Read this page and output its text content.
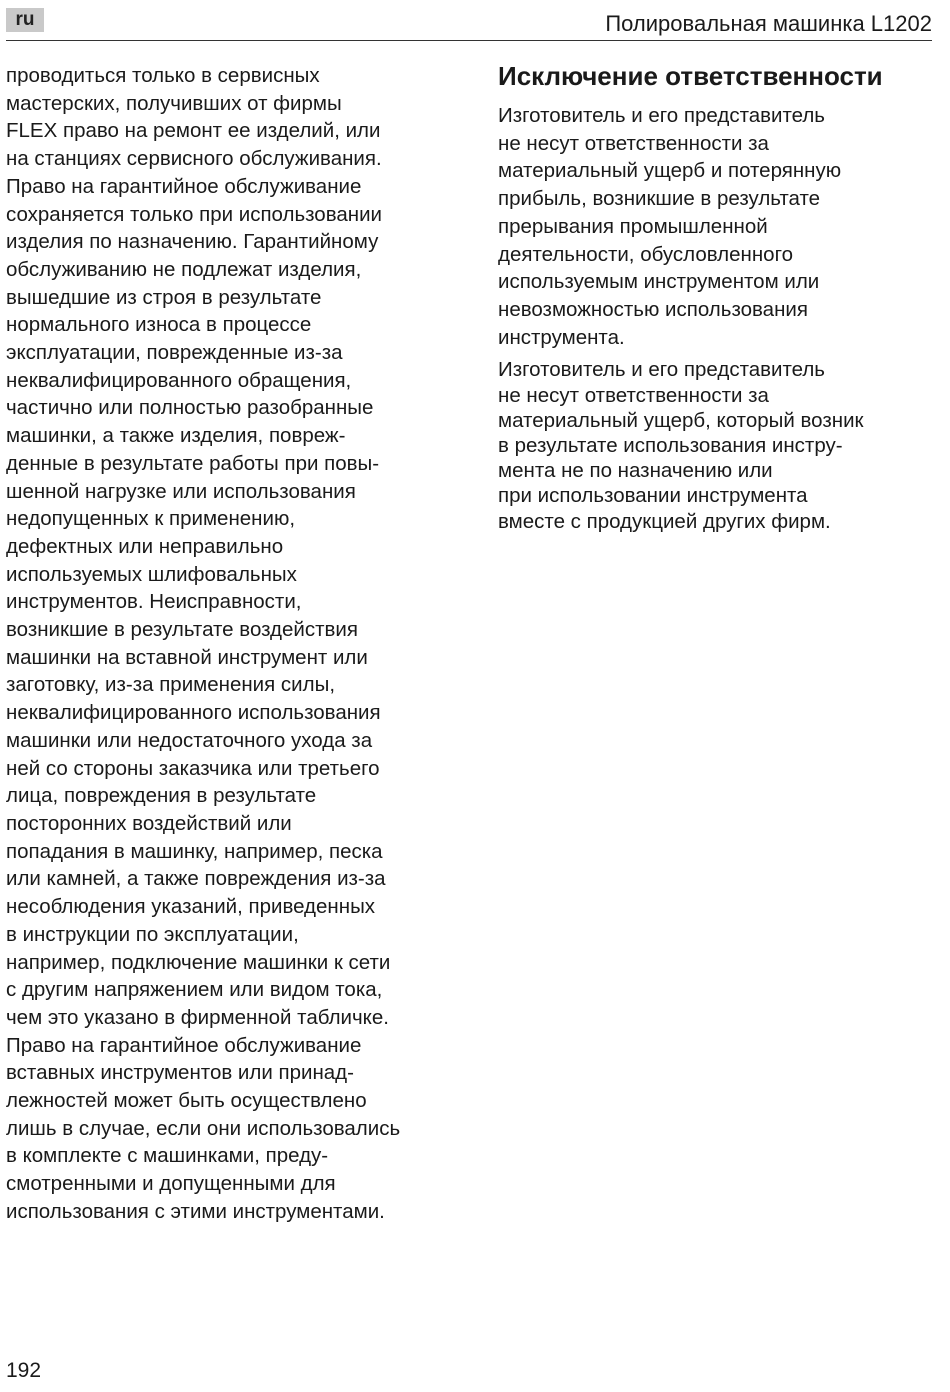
ru	Полировальная машинка L1202
проводиться только в сервисных
мастерских, получивших от фирмы
FLEX право на ремонт ее изделий, или
на станциях сервисного обслуживания.
Право на гарантийное обслуживание
сохраняется только при использовании
изделия по назначению. Гарантийному
обслуживанию не подлежат изделия,
вышедшие из строя в результате
нормального износа в процессе
эксплуатации, поврежденные из-за
неквалифицированного обращения,
частично или полностью разобранные
машинки, а также изделия, повреж-
денные в результате работы при повы-
шенной нагрузке или использования
недопущенных к применению,
дефектных или неправильно
используемых шлифовальных
инструментов. Неисправности,
возникшие в результате воздействия
машинки на вставной инструмент или
заготовку, из-за применения силы,
неквалифицированного использования
машинки или недостаточного ухода за
ней со стороны заказчика или третьего
лица, повреждения в результате
посторонних воздействий или
попадания в машинку, например, песка
или камней, а также повреждения из-за
несоблюдения указаний, приведенных
в инструкции по эксплуатации,
например, подключение машинки к сети
с другим напряжением или видом тока,
чем это указано в фирменной табличке.
Право на гарантийное обслуживание
вставных инструментов или принад-
лежностей может быть осуществлено
лишь в случае, если они использовались
в комплекте с машинками, преду-
смотренными и допущенными для
использования с этими инструментами.
Исключение ответственности
Изготовитель и его представитель
не несут ответственности за
материальный ущерб и потерянную
прибыль, возникшие в результате
прерывания промышленной
деятельности, обусловленного
используемым инструментом или
невозможностью использования
инструмента.
Изготовитель и его представитель
не несут ответственности за
материальный ущерб, который возник
в результате использования инстру-
мента не по назначению или
при использовании инструмента
вместе с продукцией других фирм.
192
